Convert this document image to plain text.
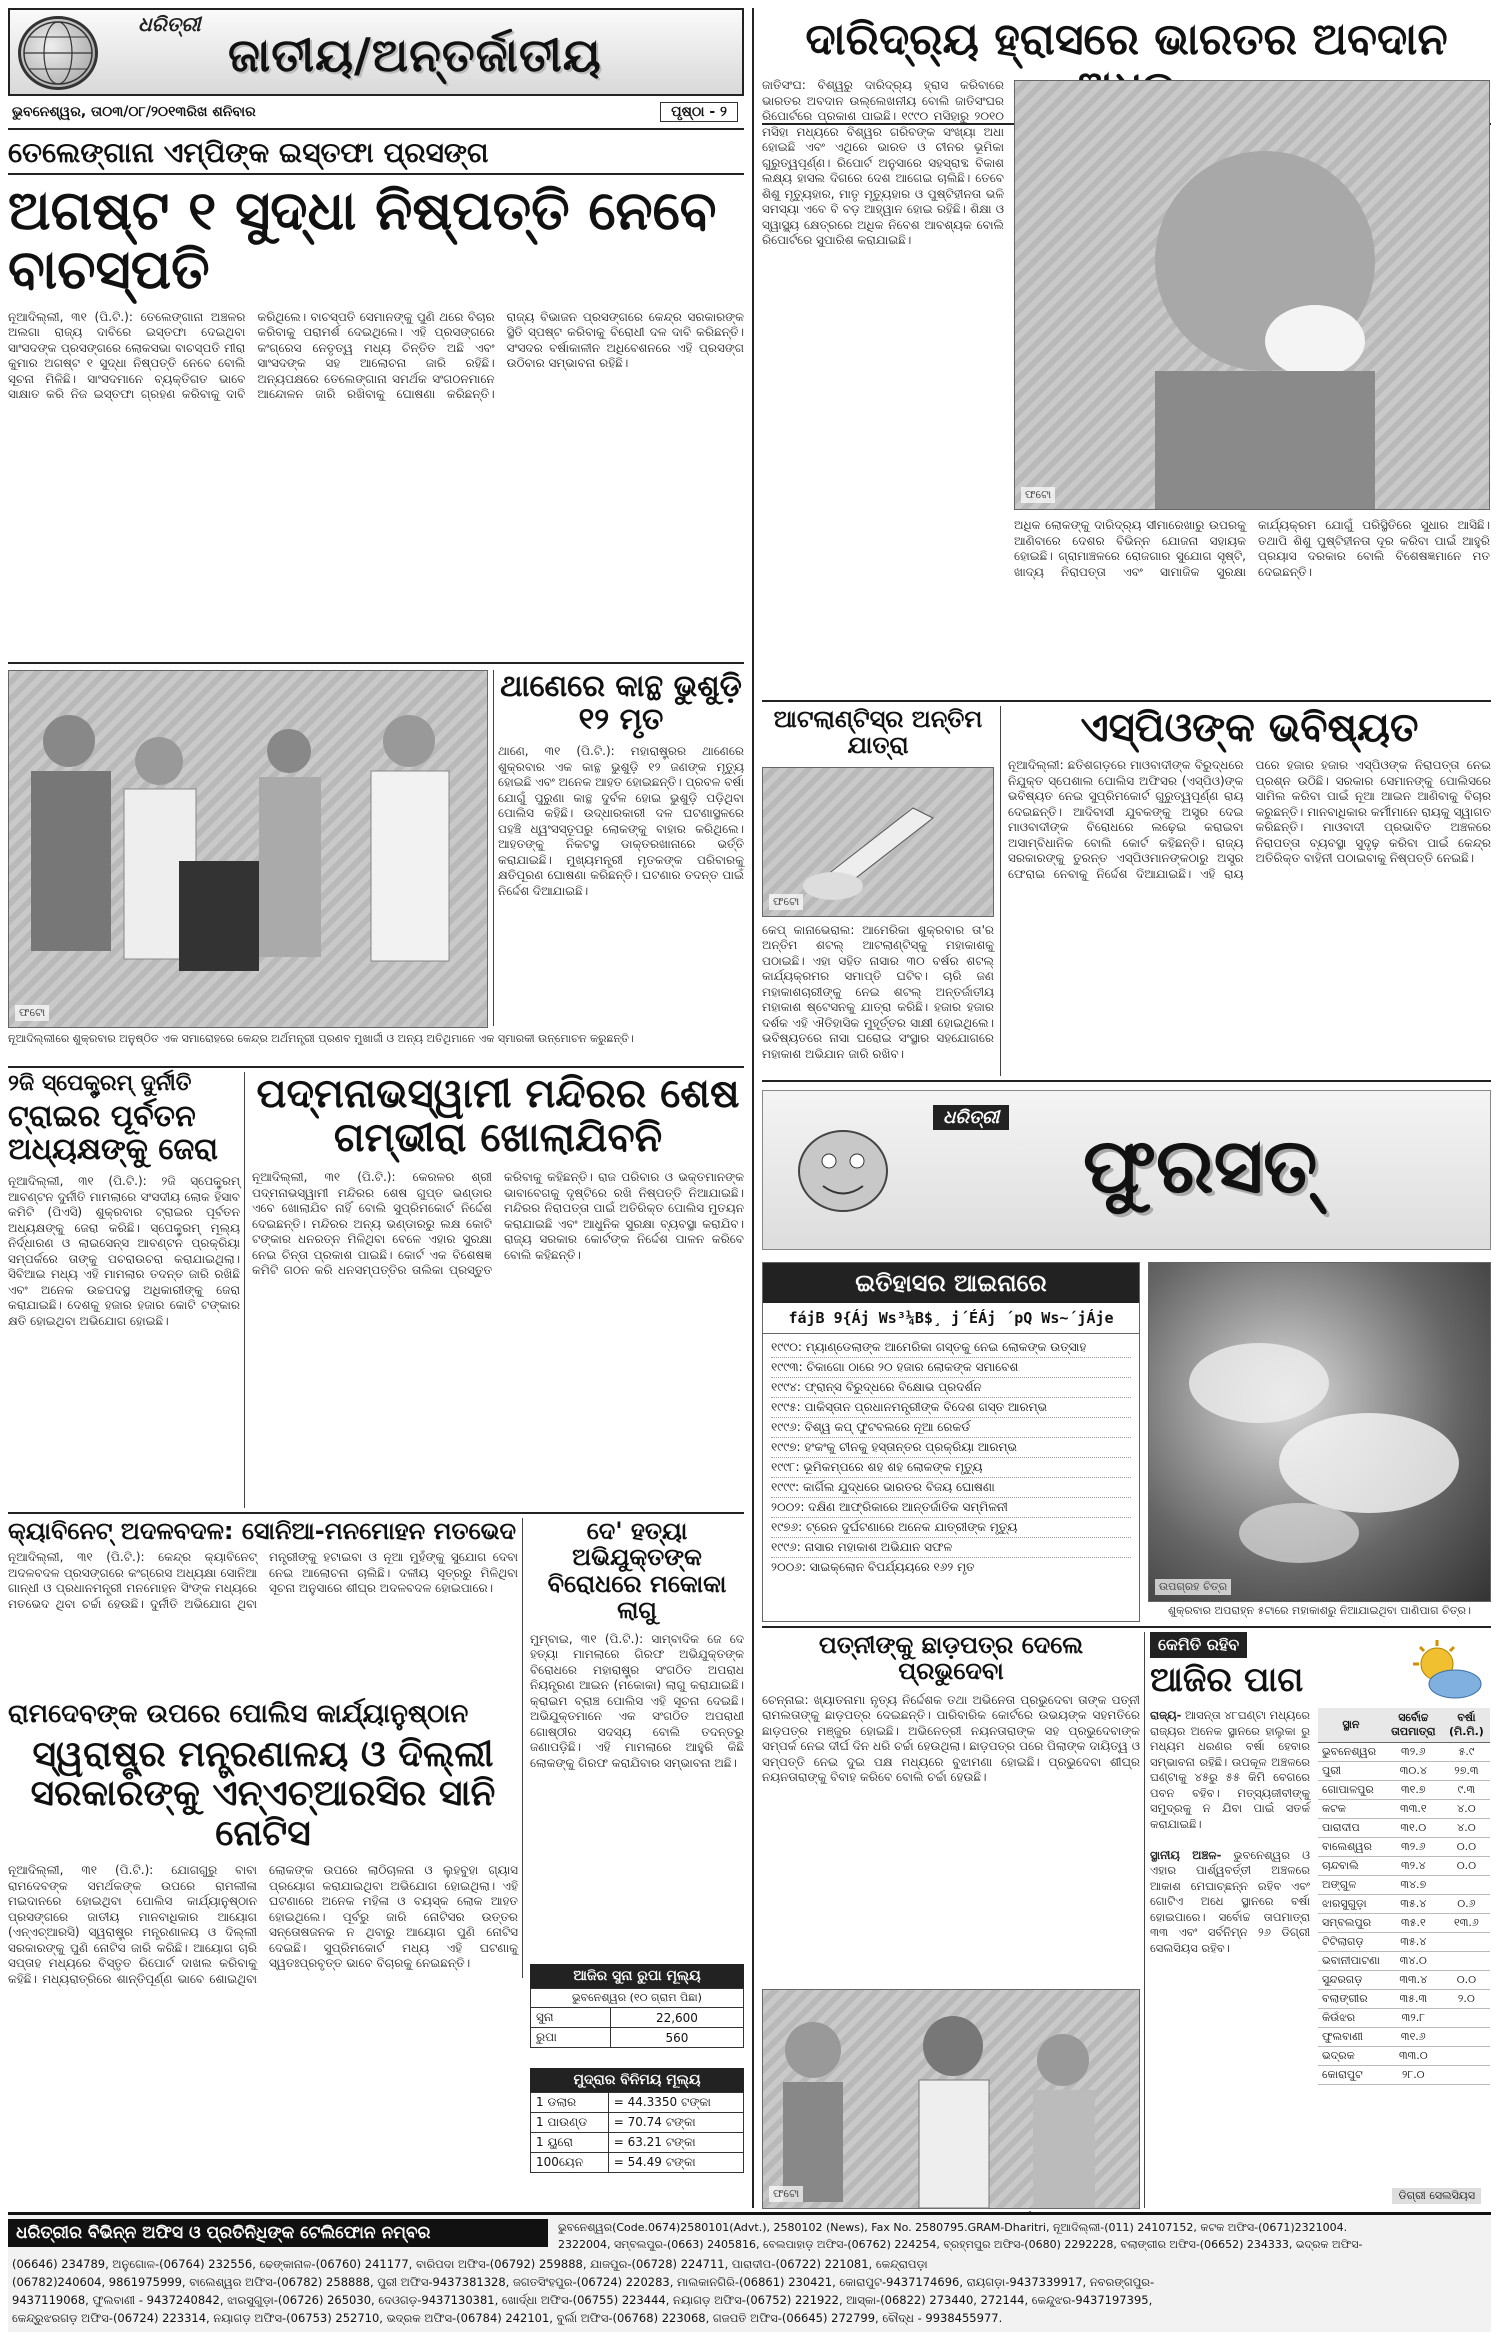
ଧରିତ୍ରୀ
ଜାତୀୟ/ଅନ୍ତର୍ଜାତୀୟ
ଭୁବନେଶ୍ୱର, ତା୦୩/୦୮/୨୦୧୩ରିଖ ଶନିବାର	ପୃଷ୍ଠା - ୨
ତେଲେଙ୍ଗାନା ଏମ୍ପିଙ୍କ ଇସ୍ତଫା ପ୍ରସଙ୍ଗ
ଅଗଷ୍ଟ ୧ ସୁଦ୍ଧା ନିଷ୍ପତ୍ତି ନେବେ ବାଚସ୍ପତି
ନୂଆଦିଲ୍ଲୀ, ୩୧ (ପି.ଟି.): ତେଲେଙ୍ଗାନା ଅଞ୍ଚଳର ଅଲଗା ରାଜ୍ୟ ଦାବିରେ ଇସ୍ତଫା ଦେଇଥିବା ସାଂସଦଙ୍କ ପ୍ରସଙ୍ଗରେ ଲୋକସଭା ବାଚସ୍ପତି ମୀରା କୁମାର ଅଗଷ୍ଟ ୧ ସୁଦ୍ଧା ନିଷ୍ପତ୍ତି ନେବେ ବୋଲି ସୂଚନା ମିଳିଛି। ସାଂସଦମାନେ ବ୍ୟକ୍ତିଗତ ଭାବେ ସାକ୍ଷାତ କରି ନିଜ ଇସ୍ତଫା ଗ୍ରହଣ କରିବାକୁ ଦାବି କରିଥିଲେ। ବାଚସ୍ପତି ସେମାନଙ୍କୁ ପୁଣି ଥରେ ବିଚାର କରିବାକୁ ପରାମର୍ଶ ଦେଇଥିଲେ। ଏହି ପ୍ରସଙ୍ଗରେ କଂଗ୍ରେସ ନେତୃତ୍ୱ ମଧ୍ୟ ଚିନ୍ତିତ ଅଛି ଏବଂ ସାଂସଦଙ୍କ ସହ ଆଲୋଚନା ଜାରି ରହିଛି। ଅନ୍ୟପକ୍ଷରେ ତେଲେଙ୍ଗାନା ସମର୍ଥକ ସଂଗଠନମାନେ ଆନ୍ଦୋଳନ ଜାରି ରଖିବାକୁ ଘୋଷଣା କରିଛନ୍ତି। ରାଜ୍ୟ ବିଭାଜନ ପ୍ରସଙ୍ଗରେ କେନ୍ଦ୍ର ସରକାରଙ୍କ ସ୍ଥିତି ସ୍ପଷ୍ଟ କରିବାକୁ ବିରୋଧୀ ଦଳ ଦାବି କରିଛନ୍ତି। ସଂସଦର ବର୍ଷାକାଳୀନ ଅଧିବେଶନରେ ଏହି ପ୍ରସଙ୍ଗ ଉଠିବାର ସମ୍ଭାବନା ରହିଛି।
ଫଟୋ
ନୂଆଦିଲ୍ଲୀରେ ଶୁକ୍ରବାର ଅନୁଷ୍ଠିତ ଏକ ସମାରୋହରେ କେନ୍ଦ୍ର ଅର୍ଥମନ୍ତ୍ରୀ ପ୍ରଣବ ମୁଖାର୍ଜୀ ଓ ଅନ୍ୟ ଅତିଥିମାନେ ଏକ ସ୍ମାରକୀ ଉନ୍ମୋଚନ କରୁଛନ୍ତି।
ଥାଣେରେ କାନ୍ଥ ଭୁଶୁଡ଼ି ୧୨ ମୃତ
ଥାଣେ, ୩୧ (ପି.ଟି.): ମହାରାଷ୍ଟ୍ରର ଥାଣେରେ ଶୁକ୍ରବାର ଏକ କାନ୍ଥ ଭୁଶୁଡ଼ି ୧୨ ଜଣଙ୍କ ମୃତ୍ୟୁ ହୋଇଛି ଏବଂ ଅନେକ ଆହତ ହୋଇଛନ୍ତି। ପ୍ରବଳ ବର୍ଷା ଯୋଗୁଁ ପୁରୁଣା କାନ୍ଥ ଦୁର୍ବଳ ହୋଇ ଭୁଶୁଡ଼ି ପଡ଼ିଥିବା ପୋଲିସ କହିଛି। ଉଦ୍ଧାରକାରୀ ଦଳ ଘଟଣାସ୍ଥଳରେ ପହଞ୍ଚି ଧ୍ୱଂସସ୍ତୂପରୁ ଲୋକଙ୍କୁ ବାହାର କରିଥିଲେ। ଆହତଙ୍କୁ ନିକଟସ୍ଥ ଡାକ୍ତରଖାନାରେ ଭର୍ତ୍ତି କରାଯାଇଛି। ମୁଖ୍ୟମନ୍ତ୍ରୀ ମୃତକଙ୍କ ପରିବାରକୁ କ୍ଷତିପୂରଣ ଘୋଷଣା କରିଛନ୍ତି। ଘଟଣାର ତଦନ୍ତ ପାଇଁ ନିର୍ଦ୍ଦେଶ ଦିଆଯାଇଛି।
୨ଜି ସ୍ପେକ୍ଟ୍ରମ୍ ଦୁର୍ନୀତି
ଟ୍ରାଇର ପୂର୍ବତନ ଅଧ୍ୟକ୍ଷଙ୍କୁ ଜେରା
ନୂଆଦିଲ୍ଲୀ, ୩୧ (ପି.ଟି.): ୨ଜି ସ୍ପେକ୍ଟ୍ରମ୍ ଆବଣ୍ଟନ ଦୁର୍ନୀତି ମାମଲାରେ ସଂସଦୀୟ ଲୋକ ହିସାବ କମିଟି (ପିଏସି) ଶୁକ୍ରବାର ଟ୍ରାଇର ପୂର୍ବତନ ଅଧ୍ୟକ୍ଷଙ୍କୁ ଜେରା କରିଛି। ସ୍ପେକ୍ଟ୍ରମ୍ ମୂଲ୍ୟ ନିର୍ଦ୍ଧାରଣ ଓ ଲାଇସେନ୍ସ ଆବଣ୍ଟନ ପ୍ରକ୍ରିୟା ସମ୍ପର୍କରେ ତାଙ୍କୁ ପଚରାଉଚରା କରାଯାଇଥିଲା। ସିବିଆଇ ମଧ୍ୟ ଏହି ମାମଲାର ତଦନ୍ତ ଜାରି ରଖିଛି ଏବଂ ଅନେକ ଉଚ୍ଚପଦସ୍ଥ ଅଧିକାରୀଙ୍କୁ ଜେରା କରାଯାଇଛି। ଦେଶକୁ ହଜାର ହଜାର କୋଟି ଟଙ୍କାର କ୍ଷତି ହୋଇଥିବା ଅଭିଯୋଗ ହୋଇଛି।
ପଦ୍ମନାଭସ୍ୱାମୀ ମନ୍ଦିରର ଶେଷ ଗମ୍ଭୀରା ଖୋଲାଯିବନି
ନୂଆଦିଲ୍ଲୀ, ୩୧ (ପି.ଟି.): କେରଳର ଶ୍ରୀ ପଦ୍ମନାଭସ୍ୱାମୀ ମନ୍ଦିରର ଶେଷ ଗୁପ୍ତ ଭଣ୍ଡାର ଏବେ ଖୋଲାଯିବ ନାହିଁ ବୋଲି ସୁପ୍ରିମକୋର୍ଟ ନିର୍ଦ୍ଦେଶ ଦେଇଛନ୍ତି। ମନ୍ଦିରର ଅନ୍ୟ ଭଣ୍ଡାରରୁ ଲକ୍ଷ କୋଟି ଟଙ୍କାର ଧନରତ୍ନ ମିଳିଥିବା ବେଳେ ଏହାର ସୁରକ୍ଷା ନେଇ ଚିନ୍ତା ପ୍ରକାଶ ପାଇଛି। କୋର୍ଟ ଏକ ବିଶେଷଜ୍ଞ କମିଟି ଗଠନ କରି ଧନସମ୍ପତ୍ତିର ତାଲିକା ପ୍ରସ୍ତୁତ କରିବାକୁ କହିଛନ୍ତି। ରାଜ ପରିବାର ଓ ଭକ୍ତମାନଙ୍କ ଭାବାବେଗକୁ ଦୃଷ୍ଟିରେ ରଖି ନିଷ୍ପତ୍ତି ନିଆଯାଇଛି। ମନ୍ଦିରର ନିରାପତ୍ତା ପାଇଁ ଅତିରିକ୍ତ ପୋଲିସ ମୁତୟନ କରାଯାଇଛି ଏବଂ ଆଧୁନିକ ସୁରକ୍ଷା ବ୍ୟବସ୍ଥା କରାଯିବ। ରାଜ୍ୟ ସରକାର କୋର୍ଟଙ୍କ ନିର୍ଦ୍ଦେଶ ପାଳନ କରିବେ ବୋଲି କହିଛନ୍ତି।
କ୍ୟାବିନେଟ୍ ଅଦଳବଦଳ: ସୋନିଆ-ମନମୋହନ ମତଭେଦ
ନୂଆଦିଲ୍ଲୀ, ୩୧ (ପି.ଟି.): କେନ୍ଦ୍ର କ୍ୟାବିନେଟ୍ ଅଦଳବଦଳ ପ୍ରସଙ୍ଗରେ କଂଗ୍ରେସ ଅଧ୍ୟକ୍ଷା ସୋନିଆ ଗାନ୍ଧୀ ଓ ପ୍ରଧାନମନ୍ତ୍ରୀ ମନମୋହନ ସିଂଙ୍କ ମଧ୍ୟରେ ମତଭେଦ ଥିବା ଚର୍ଚ୍ଚା ହେଉଛି। ଦୁର୍ନୀତି ଅଭିଯୋଗ ଥିବା ମନ୍ତ୍ରୀଙ୍କୁ ହଟାଇବା ଓ ନୂଆ ମୁହଁଙ୍କୁ ସୁଯୋଗ ଦେବା ନେଇ ଆଲୋଚନା ଚାଲିଛି। ଦଳୀୟ ସୂତ୍ରରୁ ମିଳିଥିବା ସୂଚନା ଅନୁସାରେ ଶୀଘ୍ର ଅଦଳବଦଳ ହୋଇପାରେ।
ଦେ' ହତ୍ୟା ଅଭିଯୁକ୍ତଙ୍କ ବିରୋଧରେ ମକୋକା ଲାଗୁ
ମୁମ୍ବାଇ, ୩୧ (ପି.ଟି.): ସାମ୍ବାଦିକ ଜେ ଦେ ହତ୍ୟା ମାମଲାରେ ଗିରଫ ଅଭିଯୁକ୍ତଙ୍କ ବିରୋଧରେ ମହାରାଷ୍ଟ୍ର ସଂଗଠିତ ଅପରାଧ ନିୟନ୍ତ୍ରଣ ଆଇନ (ମକୋକା) ଲାଗୁ କରାଯାଇଛି। କ୍ରାଇମ ବ୍ରାଞ୍ଚ ପୋଲିସ ଏହି ସୂଚନା ଦେଇଛି। ଅଭିଯୁକ୍ତମାନେ ଏକ ସଂଗଠିତ ଅପରାଧୀ ଗୋଷ୍ଠୀର ସଦସ୍ୟ ବୋଲି ତଦନ୍ତରୁ ଜଣାପଡ଼ିଛି। ଏହି ମାମଲାରେ ଆହୁରି କିଛି ଲୋକଙ୍କୁ ଗିରଫ କରାଯିବାର ସମ୍ଭାବନା ଅଛି।
ରାମଦେବଙ୍କ ଉପରେ ପୋଲିସ କାର୍ଯ୍ୟାନୁଷ୍ଠାନ
ସ୍ୱରାଷ୍ଟ୍ର ମନ୍ତ୍ରଣାଳୟ ଓ ଦିଲ୍ଲୀ ସରକାରଙ୍କୁ ଏନ୍‌ଏଚ୍‌ଆରସିର ସାନି ନୋଟିସ
ନୂଆଦିଲ୍ଲୀ, ୩୧ (ପି.ଟି.): ଯୋଗଗୁରୁ ବାବା ରାମଦେବଙ୍କ ସମର୍ଥକଙ୍କ ଉପରେ ରାମଲୀଳା ମଇଦାନରେ ହୋଇଥିବା ପୋଲିସ କାର୍ଯ୍ୟାନୁଷ୍ଠାନ ପ୍ରସଙ୍ଗରେ ଜାତୀୟ ମାନବାଧିକାର ଆୟୋଗ (ଏନ୍‌ଏଚ୍‌ଆରସି) ସ୍ୱରାଷ୍ଟ୍ର ମନ୍ତ୍ରଣାଳୟ ଓ ଦିଲ୍ଲୀ ସରକାରଙ୍କୁ ପୁଣି ନୋଟିସ ଜାରି କରିଛି। ଆୟୋଗ ଚାରି ସପ୍ତାହ ମଧ୍ୟରେ ବିସ୍ତୃତ ରିପୋର୍ଟ ଦାଖଲ କରିବାକୁ କହିଛି। ମଧ୍ୟରାତ୍ରିରେ ଶାନ୍ତିପୂର୍ଣ୍ଣ ଭାବେ ଶୋଇଥିବା ଲୋକଙ୍କ ଉପରେ ଲାଠିଚାଳନା ଓ ଲୁହବୁହା ଗ୍ୟାସ ପ୍ରୟୋଗ କରାଯାଇଥିବା ଅଭିଯୋଗ ହୋଇଥିଲା। ଏହି ଘଟଣାରେ ଅନେକ ମହିଳା ଓ ବୟସ୍କ ଲୋକ ଆହତ ହୋଇଥିଲେ। ପୂର୍ବରୁ ଜାରି ନୋଟିସର ଉତ୍ତର ସନ୍ତୋଷଜନକ ନ ଥିବାରୁ ଆୟୋଗ ପୁଣି ନୋଟିସ ଦେଇଛି। ସୁପ୍ରିମକୋର୍ଟ ମଧ୍ୟ ଏହି ଘଟଣାକୁ ସ୍ୱତଃପ୍ରବୃତ୍ତ ଭାବେ ବିଚାରକୁ ନେଇଛନ୍ତି।
ଆଜିର ସୁନା ରୁପା ମୂଲ୍ୟ
ଭୁବନେଶ୍ୱର (୧୦ ଗ୍ରାମ ପିଛା)	
ସୁନା	22,600
ରୁପା	560
ମୁଦ୍ରାର ବିନିମୟ ମୂଲ୍ୟ
1 ଡଲାର	= 44.3350 ଟଙ୍କା
1 ପାଉଣ୍ଡ	= 70.74 ଟଙ୍କା
1 ୟୁରୋ	= 63.21 ଟଙ୍କା
100ୟେନ	= 54.49 ଟଙ୍କା
ଦାରିଦ୍ର୍ୟ ହ୍ରାସରେ ଭାରତର ଅବଦାନ
ଜାତିସଂଘ: ବିଶ୍ୱରୁ ଦାରିଦ୍ର୍ୟ ହ୍ରାସ କରିବାରେ ଭାରତର ଅବଦାନ ଉଲ୍ଲେଖନୀୟ ବୋଲି ଜାତିସଂଘର ରିପୋର୍ଟରେ ପ୍ରକାଶ ପାଇଛି। ୧୯୯୦ ମସିହାରୁ ୨୦୧୦ ମସିହା ମଧ୍ୟରେ ବିଶ୍ୱର ଗରିବଙ୍କ ସଂଖ୍ୟା ଅଧା ହୋଇଛି ଏବଂ ଏଥିରେ ଭାରତ ଓ ଚୀନର ଭୂମିକା ଗୁରୁତ୍ୱପୂର୍ଣ୍ଣ। ରିପୋର୍ଟ ଅନୁସାରେ ସହସ୍ରାବ୍ଦ ବିକାଶ ଲକ୍ଷ୍ୟ ହାସଲ ଦିଗରେ ଦେଶ ଆଗେଇ ଚାଲିଛି। ତେବେ ଶିଶୁ ମୃତ୍ୟୁହାର, ମାତୃ ମୃତ୍ୟୁହାର ଓ ପୁଷ୍ଟିହୀନତା ଭଳି ସମସ୍ୟା ଏବେ ବି ବଡ଼ ଆହ୍ୱାନ ହୋଇ ରହିଛି। ଶିକ୍ଷା ଓ ସ୍ୱାସ୍ଥ୍ୟ କ୍ଷେତ୍ରରେ ଅଧିକ ନିବେଶ ଆବଶ୍ୟକ ବୋଲି ରିପୋର୍ଟରେ ସୁପାରିଶ କରାଯାଇଛି।
ଫଟୋ
ଅଧିକ ଲୋକଙ୍କୁ ଦାରିଦ୍ର୍ୟ ସୀମାରେଖାରୁ ଉପରକୁ ଆଣିବାରେ ଦେଶର ବିଭିନ୍ନ ଯୋଜନା ସହାୟକ ହୋଇଛି। ଗ୍ରାମାଞ୍ଚଳରେ ରୋଜଗାର ସୁଯୋଗ ସୃଷ୍ଟି, ଖାଦ୍ୟ ନିରାପତ୍ତା ଏବଂ ସାମାଜିକ ସୁରକ୍ଷା କାର୍ଯ୍ୟକ୍ରମ ଯୋଗୁଁ ପରିସ୍ଥିତିରେ ସୁଧାର ଆସିଛି। ତଥାପି ଶିଶୁ ପୁଷ୍ଟିହୀନତା ଦୂର କରିବା ପାଇଁ ଆହୁରି ପ୍ରୟାସ ଦରକାର ବୋଲି ବିଶେଷଜ୍ଞମାନେ ମତ ଦେଇଛନ୍ତି।
ଆଟଲାଣ୍ଟିସ୍‌ର ଅନ୍ତିମ ଯାତ୍ରା
ଫଟୋ
କେପ୍ କାନାଭେରାଲ: ଆମେରିକା ଶୁକ୍ରବାର ତା'ର ଅନ୍ତିମ ଶଟଲ୍ ଆଟଲାଣ୍ଟିସ୍‌କୁ ମହାକାଶକୁ ପଠାଇଛି। ଏହା ସହିତ ନାସାର ୩୦ ବର୍ଷର ଶଟଲ୍ କାର୍ଯ୍ୟକ୍ରମର ସମାପ୍ତି ଘଟିବ। ଚାରି ଜଣ ମହାକାଶଚାରୀଙ୍କୁ ନେଇ ଶଟଲ୍ ଅନ୍ତର୍ଜାତୀୟ ମହାକାଶ ଷ୍ଟେସନକୁ ଯାତ୍ରା କରିଛି। ହଜାର ହଜାର ଦର୍ଶକ ଏହି ଐତିହାସିକ ମୁହୂର୍ତ୍ତର ସାକ୍ଷୀ ହୋଇଥିଲେ। ଭବିଷ୍ୟତରେ ନାସା ଘରୋଇ ସଂସ୍ଥାର ସହଯୋଗରେ ମହାକାଶ ଅଭିଯାନ ଜାରି ରଖିବ।
ଏସ୍‌ପିଓଙ୍କ ଭବିଷ୍ୟତ
ନୂଆଦିଲ୍ଲୀ: ଛତିଶଗଡ଼ରେ ମାଓବାଦୀଙ୍କ ବିରୁଦ୍ଧରେ ନିଯୁକ୍ତ ସ୍ପେଶାଲ ପୋଲିସ ଅଫିସର (ଏସ୍‌ପିଓ)ଙ୍କ ଭବିଷ୍ୟତ ନେଇ ସୁପ୍ରିମକୋର୍ଟ ଗୁରୁତ୍ୱପୂର୍ଣ୍ଣ ରାୟ ଦେଇଛନ୍ତି। ଆଦିବାସୀ ଯୁବକଙ୍କୁ ଅସ୍ତ୍ର ଦେଇ ମାଓବାଦୀଙ୍କ ବିରୋଧରେ ଲଢ଼େଇ କରାଇବା ଅସାମ୍ବିଧାନିକ ବୋଲି କୋର୍ଟ କହିଛନ୍ତି। ରାଜ୍ୟ ସରକାରଙ୍କୁ ତୁରନ୍ତ ଏସ୍‌ପିଓମାନଙ୍କଠାରୁ ଅସ୍ତ୍ର ଫେରାଇ ନେବାକୁ ନିର୍ଦ୍ଦେଶ ଦିଆଯାଇଛି। ଏହି ରାୟ ପରେ ହଜାର ହଜାର ଏସ୍‌ପିଓଙ୍କ ନିରାପତ୍ତା ନେଇ ପ୍ରଶ୍ନ ଉଠିଛି। ସରକାର ସେମାନଙ୍କୁ ପୋଲିସରେ ସାମିଲ କରିବା ପାଇଁ ନୂଆ ଆଇନ ଆଣିବାକୁ ବିଚାର କରୁଛନ୍ତି। ମାନବାଧିକାର କର୍ମୀମାନେ ରାୟକୁ ସ୍ୱାଗତ କରିଛନ୍ତି। ମାଓବାଦୀ ପ୍ରଭାବିତ ଅଞ୍ଚଳରେ ନିରାପତ୍ତା ବ୍ୟବସ୍ଥା ସୁଦୃଢ଼ କରିବା ପାଇଁ କେନ୍ଦ୍ର ଅତିରିକ୍ତ ବାହିନୀ ପଠାଇବାକୁ ନିଷ୍ପତ୍ତି ନେଇଛି।
ଧରିତ୍ରୀ
ଫୁରସତ୍
ଇତିହାସର ଆଇନାରେ
fájB 9{Áj Ws³¼B$¸ j´ÉÁj ´pQ Ws~´jÁje
୧୯୯୦: ମ୍ୟାଣ୍ଡେଲାଙ୍କ ଆମେରିକା ଗସ୍ତକୁ ନେଇ ଲୋକଙ୍କ ଉତ୍ସାହ
୧୯୯୩: ଚିକାଗୋ ଠାରେ ୨୦ ହଜାର ଲୋକଙ୍କ ସମାବେଶ
୧୯୯୪: ଫ୍ରାନ୍ସ ବିରୁଦ୍ଧରେ ବିକ୍ଷୋଭ ପ୍ରଦର୍ଶନ
୧୯୯୫: ପାକିସ୍ତାନ ପ୍ରଧାନମନ୍ତ୍ରୀଙ୍କ ବିଦେଶ ଗସ୍ତ ଆରମ୍ଭ
୧୯୯୬: ବିଶ୍ୱ କପ୍ ଫୁଟବଲରେ ନୂଆ ରେକର୍ଡ
୧୯୯୭: ହଂକଂକୁ ଚୀନକୁ ହସ୍ତାନ୍ତର ପ୍ରକ୍ରିୟା ଆରମ୍ଭ
୧୯୯୮: ଭୂମିକମ୍ପରେ ଶହ ଶହ ଲୋକଙ୍କ ମୃତ୍ୟୁ
୧୯୯୯: କାର୍ଗିଲ ଯୁଦ୍ଧରେ ଭାରତର ବିଜୟ ଘୋଷଣା
୨୦୦୨: ଦକ୍ଷିଣ ଆଫ୍ରିକାରେ ଆନ୍ତର୍ଜାତିକ ସମ୍ମିଳନୀ
୧୯୭୬: ଟ୍ରେନ ଦୁର୍ଘଟଣାରେ ଅନେକ ଯାତ୍ରୀଙ୍କ ମୃତ୍ୟୁ
୧୯୯୬: ନାସାର ମହାକାଶ ଅଭିଯାନ ସଫଳ
୨୦୦୬: ସାଇକ୍ଲୋନ ବିପର୍ଯ୍ୟୟରେ ୧୬୨ ମୃତ
ଉପଗ୍ରହ ଚିତ୍ର
ଶୁକ୍ରବାର ଅପରାହ୍ନ ୫ଟାରେ ମହାକାଶରୁ ନିଆଯାଇଥିବା ପାଣିପାଗ ଚିତ୍ର।
ପତ୍ନୀଙ୍କୁ ଛାଡ଼ପତ୍ର ଦେଲେ ପ୍ରଭୁଦେବା
ଚେନ୍ନାଇ: ଖ୍ୟାତନାମା ନୃତ୍ୟ ନିର୍ଦ୍ଦେଶକ ତଥା ଅଭିନେତା ପ୍ରଭୁଦେବା ତାଙ୍କ ପତ୍ନୀ ରାମଲତାଙ୍କୁ ଛାଡ଼ପତ୍ର ଦେଇଛନ୍ତି। ପାରିବାରିକ କୋର୍ଟରେ ଉଭୟଙ୍କ ସହମତିରେ ଛାଡ଼ପତ୍ର ମଞ୍ଜୁର ହୋଇଛି। ଅଭିନେତ୍ରୀ ନୟନତାରାଙ୍କ ସହ ପ୍ରଭୁଦେବାଙ୍କ ସମ୍ପର୍କ ନେଇ ଦୀର୍ଘ ଦିନ ଧରି ଚର୍ଚ୍ଚା ହେଉଥିଲା। ଛାଡ଼ପତ୍ର ପରେ ପିଲାଙ୍କ ଦାୟିତ୍ୱ ଓ ସମ୍ପତ୍ତି ନେଇ ଦୁଇ ପକ୍ଷ ମଧ୍ୟରେ ବୁଝାମଣା ହୋଇଛି। ପ୍ରଭୁଦେବା ଶୀଘ୍ର ନୟନତାରାଙ୍କୁ ବିବାହ କରିବେ ବୋଲି ଚର୍ଚ୍ଚା ହେଉଛି।
ଫଟୋ
କେମିତି ରହିବ
ଆଜିର ପାଗ
ରାଜ୍ୟ- ଆସନ୍ତା ୪୮ଘଣ୍ଟା ମଧ୍ୟରେ ରାଜ୍ୟର ଅନେକ ସ୍ଥାନରେ ହାଲୁକା ରୁ ମଧ୍ୟମ ଧରଣର ବର୍ଷା ହେବାର ସମ୍ଭାବନା ରହିଛି। ଉପକୂଳ ଅଞ୍ଚଳରେ ଘଣ୍ଟାକୁ ୪୫ରୁ ୫୫ କିମି ବେଗରେ ପବନ ବହିବ। ମତ୍ସ୍ୟଜୀବୀଙ୍କୁ ସମୁଦ୍ରକୁ ନ ଯିବା ପାଇଁ ସତର୍କ କରାଯାଇଛି।

ସ୍ଥାନୀୟ ଅଞ୍ଚଳ- ଭୁବନେଶ୍ୱର ଓ ଏହାର ପାର୍ଶ୍ୱବର୍ତ୍ତୀ ଅଞ୍ଚଳରେ ଆକାଶ ମେଘାଚ୍ଛନ୍ନ ରହିବ ଏବଂ ଗୋଟିଏ ଅଧେ ସ୍ଥାନରେ ବର୍ଷା ହୋଇପାରେ। ସର୍ବୋଚ୍ଚ ତାପମାତ୍ରା ୩୩ ଏବଂ ସର୍ବନିମ୍ନ ୨୬ ଡିଗ୍ରୀ ସେଲସିୟସ ରହିବ।
ସ୍ଥାନ	ସର୍ବୋଚ୍ଚ ତାପମାତ୍ରା	ବର୍ଷା (ମି.ମି.)
ଭୁବନେଶ୍ୱର	୩୨.୬	୫.୯
ପୁରୀ	୩୦.୪	୨୭.୩
ଗୋପାଳପୁର	୩୧.୭	୯.୩
କଟକ	୩୩.୧	୪.୦
ପାରାଦୀପ	୩୧.୦	୪.୦
ବାଲେଶ୍ୱର	୩୨.୬	୦.୦
ଚାନ୍ଦବାଲି	୩୨.୪	୦.୦
ଅଙ୍ଗୁଳ	୩୪.୭	
ଝାରସୁଗୁଡ଼ା	୩୫.୪	୦.୬
ସମ୍ବଲପୁର	୩୫.୧	୧୩.୬
ଟିଟିଲାଗଡ଼	୩୫.୪	
ଭବାନୀପାଟଣା	୩୪.୦	
ସୁନ୍ଦରଗଡ଼	୩୩.୪	୦.୦
ବଲାଙ୍ଗୀର	୩୫.୩	୨.୦
କିଉଁଝର	୩୨.୮	
ଫୁଲବାଣୀ	୩୧.୬	
ଭଦ୍ରକ	୩୩.୦	
କୋରାପୁଟ	୨୮.୦	
ଡିଗ୍ରୀ ସେଲସିୟସ
ଧରିତ୍ରୀର ବିଭିନ୍ନ ଅଫିସ ଓ ପ୍ରତିନିଧିଙ୍କ ଟେଲିଫୋନ ନମ୍ବର	ଭୁବନେଶ୍ୱର(Code.0674)2580101(Advt.), 2580102 (News), Fax No. 2580795.GRAM-Dharitri, ନୂଆଦିଲ୍ଲୀ-(011) 24107152, କଟକ ଅଫିସ-(0671)2321004.
2322004, ସମ୍ବଲପୁର-(0663) 2405816, ବେଲପାହାଡ଼ ଅଫିସ-(06762) 224254, ବ୍ରହ୍ମପୁର ଅଫିସ-(0680) 2292228, ବଲାଙ୍ଗୀର ଅଫିସ-(06652) 234333, ଭଦ୍ରକ ଅଫିସ-
(06646) 234789, ଅନୁଗୋଳ-(06764) 232556, ଢେଙ୍କାନାଳ-(06760) 241177, ବାରିପଦା ଅଫିସ-(06792) 259888, ଯାଜପୁର-(06728) 224711, ପାରାଦୀପ-(06722) 221081, କେନ୍ଦ୍ରାପଡ଼ା
(06782)240604, 9861975999, ବାଲେଶ୍ୱର ଅଫିସ-(06782) 258888, ପୁରୀ ଅଫିସ-9437381328, ଜଗତସିଂହପୁର-(06724) 220283, ମାଲକାନଗିରି-(06861) 230421, କୋରାପୁଟ-9437174696, ରାୟଗଡ଼ା-9437339917, ନବରଙ୍ଗପୁର-
9437119068, ଫୁଲବାଣୀ - 9437240842, ଝାରସୁଗୁଡ଼ା-(06726) 265030, ଦେଓଗଡ଼-9437130381, ଖୋର୍ଦ୍ଧା ଅଫିସ-(06755) 223444, ନୟାଗଡ଼ ଅଫିସ-(06752) 221922, ଆସ୍କା-(06822) 273440, 272144, କେନ୍ଦୁଝର-9437197395,
କେନ୍ଦ୍ରୁଝରଗଡ଼ ଅଫିସ-(06724) 223314, ନୟାଗଡ଼ ଅଫିସ-(06753) 252710, ଭଦ୍ରକ ଅଫିସ-(06784) 242101, ବୁର୍ଲା ଅଫିସ-(06768) 223068, ଗଜପତି ଅଫିସ-(06645) 272799, ବୌଦ୍ଧ - 9938455977.
